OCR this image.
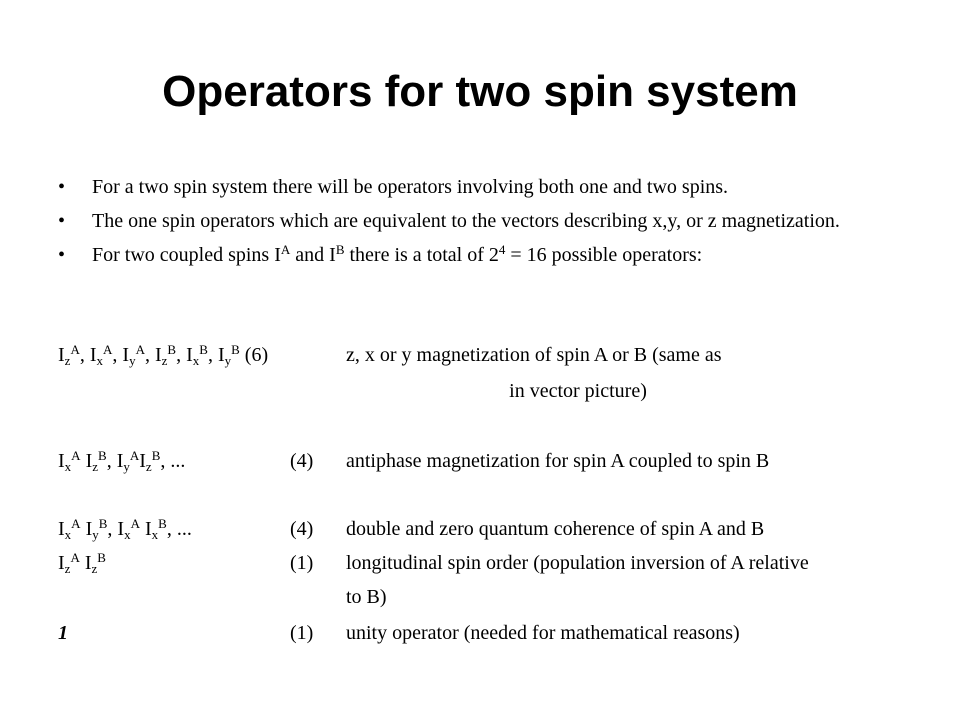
Operators for two spin system
• For a two spin system there will be operators involving both one and two spins.
• The one spin operators which are equivalent to the vectors describing x,y, or z magnetization.
• For two coupled spins $I^A$ and $I^B$ there is a total of $2^4 = 16$ possible operators:
$I_z^A$, $I_x^A$, $I_y^A$, $I_z^B$, $I_x^B$, $I_y^B$ (6)	z, x or y magnetization of spin A or B (same as
in vector picture)
$I_x^A$ $I_z^B$, $I_y^AI_z^B$, ...	(4) antiphase magnetization for spin A coupled to spin B
$I_x^A$ $I_y^B$, $I_x^A$ $I_x^B$, ...	(4) double and zero quantum coherence of spin A and B
$I_z^A$ $I_z^B$	(1) longitudinal spin order (population inversion of A relative
to B)
1	(1) unity operator (needed for mathematical reasons)
